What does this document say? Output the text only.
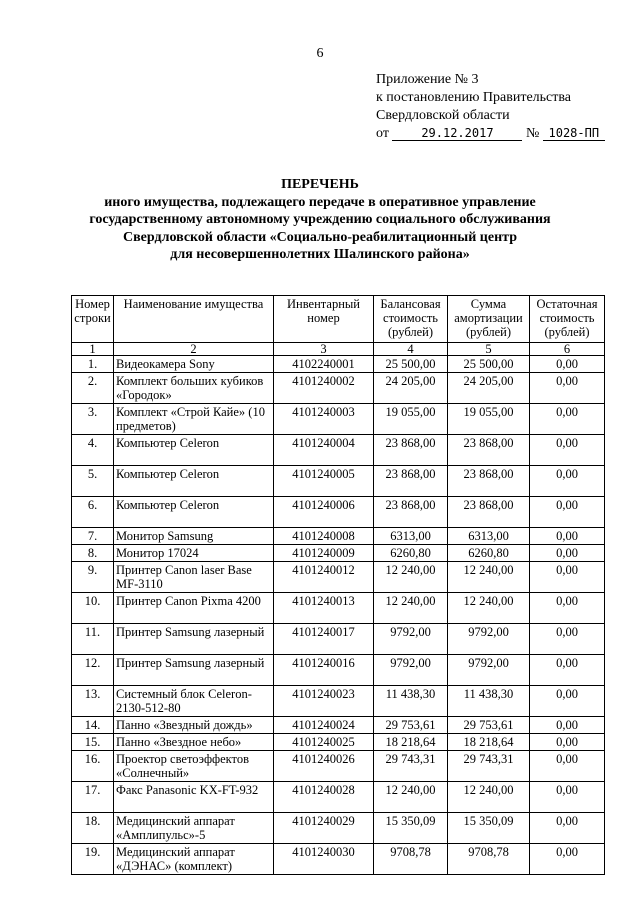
6
Приложение № 3
к постановлению Правительства
Свердловской области
от	29.12.2017 № 1028-ПП
ПЕРЕЧЕНЬ
иного имущества, подлежащего передаче в оперативное управление
государственному автономному учреждению социального обслуживания
Свердловской области «Социально-реабилитационный центр
для несовершеннолетних Шалинского района»
Номер строки	Наименование имущества	Инвентарный номер	Балансовая стоимость (рублей)	Сумма амортизации (рублей)	Остаточная стоимость (рублей)
1	2	3	4	5	6
1.	Видеокамера Sony	4102240001	25 500,00	25 500,00	0,00
2.	Комплект больших кубиков «Городок»	4101240002	24 205,00	24 205,00	0,00
3.	Комплект «Строй Кайе» (10 предметов)	4101240003	19 055,00	19 055,00	0,00
4.	Компьютер Celeron	4101240004	23 868,00	23 868,00	0,00
5.	Компьютер Celeron	4101240005	23 868,00	23 868,00	0,00
6.	Компьютер Celeron	4101240006	23 868,00	23 868,00	0,00
7.	Монитор Samsung	4101240008	6313,00	6313,00	0,00
8.	Монитор 17024	4101240009	6260,80	6260,80	0,00
9.	Принтер Canon laser Base MF-3110	4101240012	12 240,00	12 240,00	0,00
10.	Принтер Canon Pixma 4200	4101240013	12 240,00	12 240,00	0,00
11.	Принтер Samsung лазерный	4101240017	9792,00	9792,00	0,00
12.	Принтер Samsung лазерный	4101240016	9792,00	9792,00	0,00
13.	Системный блок Celeron-2130-512-80	4101240023	11 438,30	11 438,30	0,00
14.	Панно «Звездный дождь»	4101240024	29 753,61	29 753,61	0,00
15.	Панно «Звездное небо»	4101240025	18 218,64	18 218,64	0,00
16.	Проектор светоэффектов «Солнечный»	4101240026	29 743,31	29 743,31	0,00
17.	Факс Panasonic KX-FT-932	4101240028	12 240,00	12 240,00	0,00
18.	Медицинский аппарат «Амплипульс»-5	4101240029	15 350,09	15 350,09	0,00
19.	Медицинский аппарат «ДЭНАС» (комплект)	4101240030	9708,78	9708,78	0,00
